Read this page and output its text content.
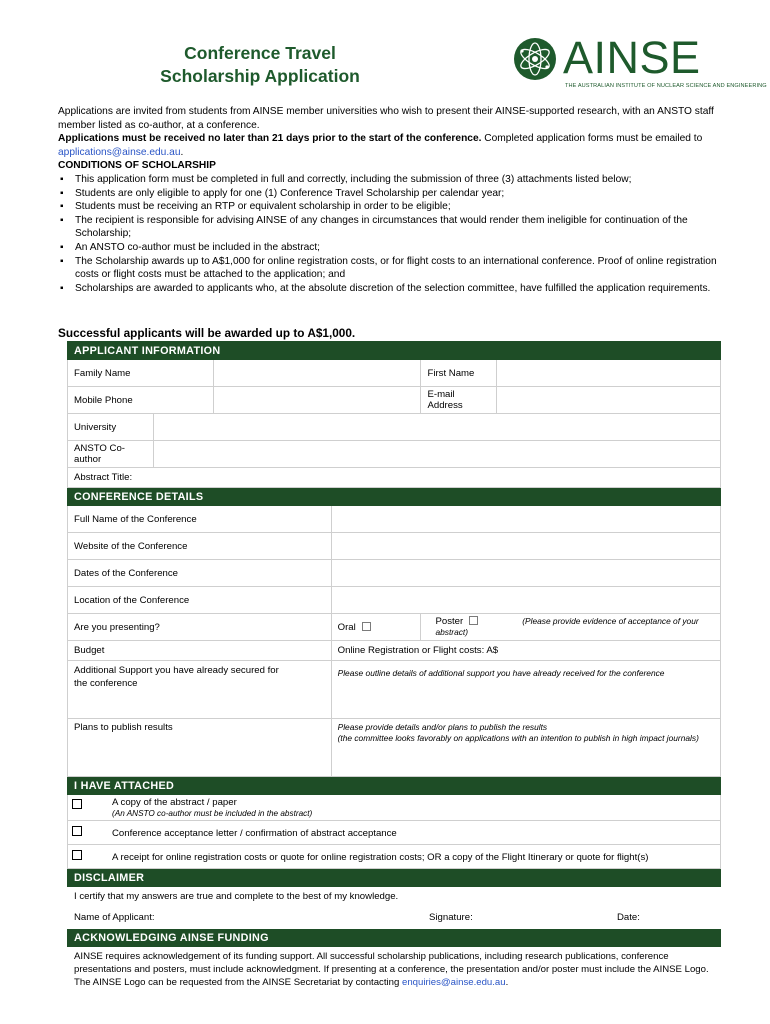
Conference Travel
Scholarship Application	AINSE
THE AUSTRALIAN INSTITUTE OF NUCLEAR SCIENCE AND ENGINEERING

Applications are invited from students from AINSE member universities who wish to present their AINSE-supported research, with an ANSTO staff member listed as co-author, at a conference.

Applications must be received no later than 21 days prior to the start of the conference. Completed application forms must be emailed to applications@ainse.edu.au.

CONDITIONS OF SCHOLARSHIP
▪ This application form must be completed in full and correctly, including the submission of three (3) attachments listed below;
▪ Students are only eligible to apply for one (1) Conference Travel Scholarship per calendar year;
▪ Students must be receiving an RTP or equivalent scholarship in order to be eligible;
▪ The recipient is responsible for advising AINSE of any changes in circumstances that would render them ineligible for continuation of the Scholarship;
▪ An ANSTO co-author must be included in the abstract;
▪ The Scholarship awards up to A$1,000 for online registration costs, or for flight costs to an international conference. Proof of online registration costs or flight costs must be attached to the application; and
▪ Scholarships are awarded to applicants who, at the absolute discretion of the selection committee, have fulfilled the application requirements.
Successful applicants will be awarded up to A$1,000.
APPLICANT INFORMATION					
Family Name				First Name	
Mobile Phone				E-mail Address	
University					
ANSTO Co-author					
Abstract Title:					
CONFERENCE DETAILS					
Full Name of the Conference					
Website of the Conference					
Dates of the Conference					
Location of the Conference					
Are you presenting?			Oral	Poster (Please provide evidence of acceptance of your abstract)	
Budget			Online Registration or Flight costs: A$		
Additional Support you have already secured for the conference			Please outline details of additional support you have already received for the conference		
Plans to publish results			Please provide details and/or plans to publish the results
(the committee looks favorably on applications with an intention to publish in high impact journals)		

I HAVE ATTACHED					
A copy of the abstract / paper
(An ANSTO co-author must be included in the abstract)					
Conference acceptance letter / confirmation of abstract acceptance					
A receipt for online registration costs or quote for online registration costs; OR a copy of the Flight Itinerary or quote for flight(s)					
DISCLAIMER					
I certify that my answers are true and complete to the best of my knowledge.					
Name of Applicant: Signature: Date:					

ACKNOWLEDGING AINSE FUNDING					
AINSE requires acknowledgement of its funding support. All successful scholarship publications, including research publications, conference presentations and posters, must include acknowledgment. If presenting at a conference, the presentation and/or poster must include the AINSE Logo. The AINSE Logo can be requested from the AINSE Secretariat by contacting enquiries@ainse.edu.au.					
